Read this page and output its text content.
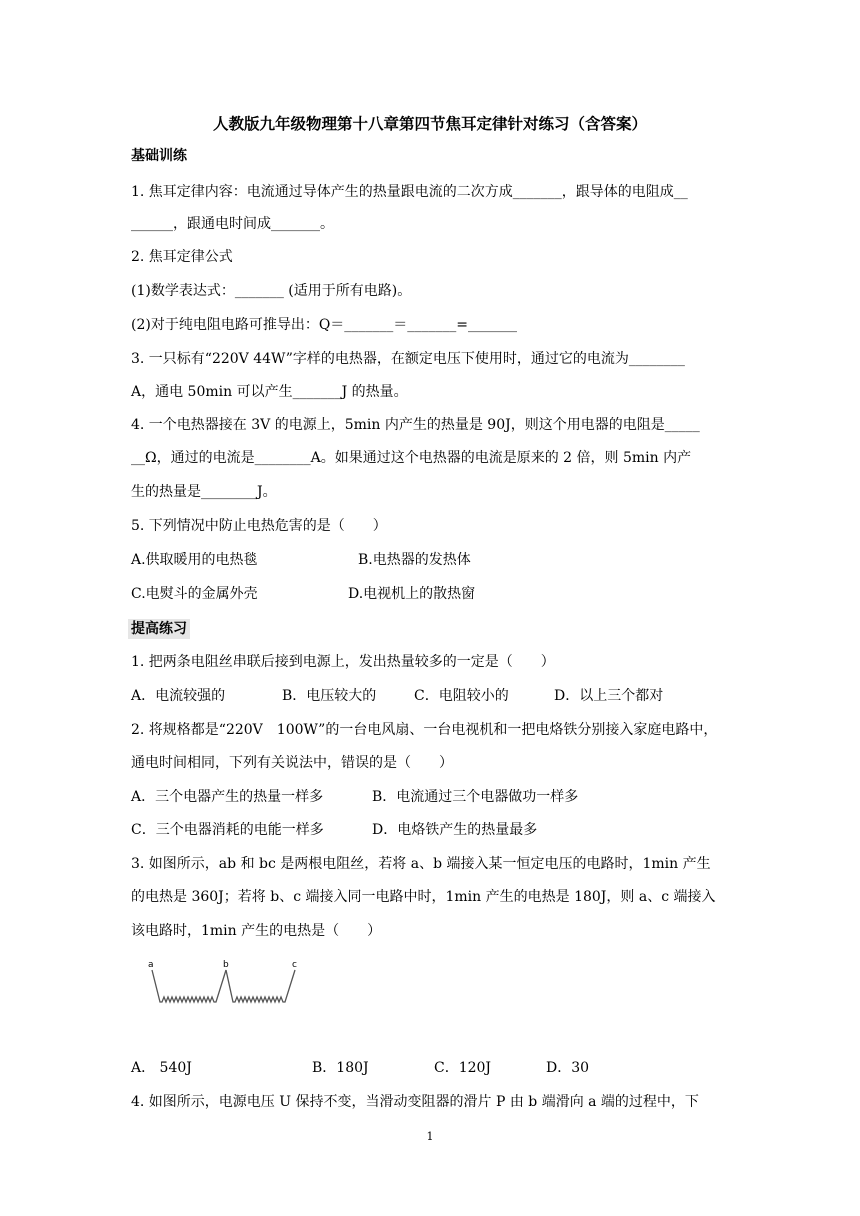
人教版九年级物理第十八章第四节焦耳定律针对练习（含答案）
基础训练
1. 焦耳定律内容：电流通过导体产生的热量跟电流的二次方成_______，跟导体的电阻成__
______，跟通电时间成_______。
2. 焦耳定律公式
(1)数学表达式：_______ (适用于所有电路)。
(2)对于纯电阻电路可推导出：Q＝_______＝_______=_______
3. 一只标有“220V 44W”字样的电热器，在额定电压下使用时，通过它的电流为________
A，通电 50min 可以产生_______J 的热量。
4. 一个电热器接在 3V 的电源上，5min 内产生的热量是 90J，则这个用电器的电阻是_____
__Ω，通过的电流是________A。如果通过这个电热器的电流是原来的 2 倍，则 5min 内产
生的热量是________J。
5. 下列情况中防止电热危害的是（　　）
A.供取暖用的电热毯	B.电热器的发热体
C.电熨斗的金属外壳	D.电视机上的散热窗
提高练习
1. 把两条电阻丝串联后接到电源上，发出热量较多的一定是（　　）
A．电流较强的	B．电压较大的	C．电阻较小的	D．以上三个都对
2. 将规格都是“220V　100W”的一台电风扇、一台电视机和一把电烙铁分别接入家庭电路中，
通电时间相同，下列有关说法中，错误的是（　　）
A．三个电器产生的热量一样多	B．电流通过三个电器做功一样多
C．三个电器消耗的电能一样多	D．电烙铁产生的热量最多
3. 如图所示，ab 和 bc 是两根电阻丝，若将 a、b 端接入某一恒定电压的电路时，1min 产生
的电热是 360J；若将 b、c 端接入同一电路中时，1min 产生的电热是 180J，则 a、c 端接入
该电路时，1min 产生的电热是（　　）
a	b	c
A． 540J	B．180J	C．120J	D．30
4. 如图所示，电源电压 U 保持不变，当滑动变阻器的滑片 P 由 b 端滑向 a 端的过程中，下
1
